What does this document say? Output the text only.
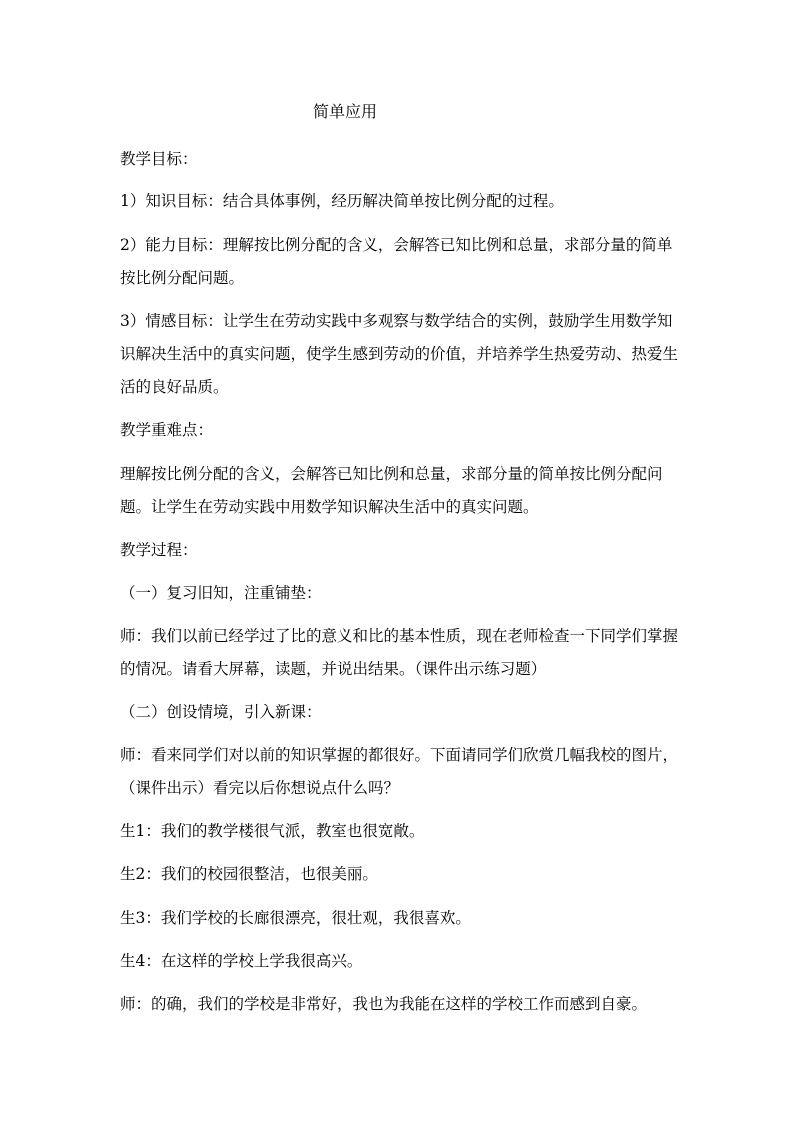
简单应用

教学目标：

1）知识目标：结合具体事例，经历解决简单按比例分配的过程。

2）能力目标：理解按比例分配的含义，会解答已知比例和总量，求部分量的简单按比例分配问题。

3）情感目标：让学生在劳动实践中多观察与数学结合的实例，鼓励学生用数学知识解决生活中的真实问题，使学生感到劳动的价值，并培养学生热爱劳动、热爱生活的良好品质。

教学重难点：

理解按比例分配的含义，会解答已知比例和总量，求部分量的简单按比例分配问题。让学生在劳动实践中用数学知识解决生活中的真实问题。

教学过程：

（一）复习旧知，注重铺垫：

师：我们以前已经学过了比的意义和比的基本性质，现在老师检查一下同学们掌握的情况。请看大屏幕，读题，并说出结果。（课件出示练习题）

（二）创设情境，引入新课：

师：看来同学们对以前的知识掌握的都很好。下面请同学们欣赏几幅我校的图片，（课件出示）看完以后你想说点什么吗？

生1：我们的教学楼很气派，教室也很宽敞。

生2：我们的校园很整洁，也很美丽。

生3：我们学校的长廊很漂亮，很壮观，我很喜欢。

生4：在这样的学校上学我很高兴。

师：的确，我们的学校是非常好，我也为我能在这样的学校工作而感到自豪。
